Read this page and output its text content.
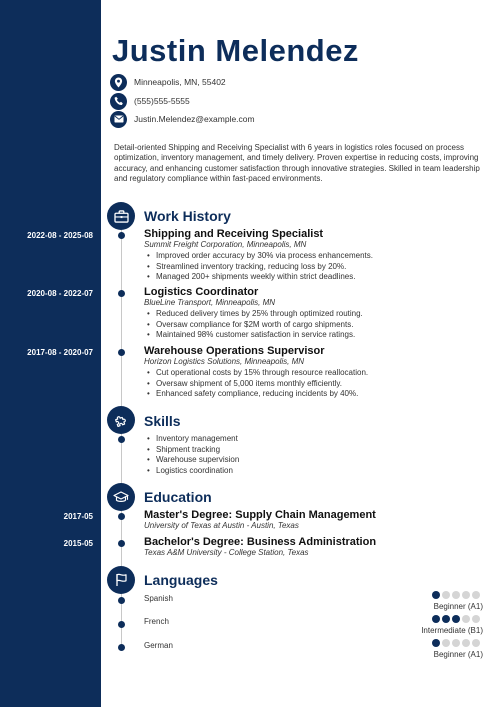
Justin Melendez
Minneapolis, MN, 55402
(555)555-5555
Justin.Melendez@example.com
Detail-oriented Shipping and Receiving Specialist with 6 years in logistics roles focused on process optimization, inventory management, and timely delivery. Proven expertise in reducing costs, improving accuracy, and enhancing customer satisfaction through innovative strategies. Skilled in team leadership and regulatory compliance within fast-paced environments.
Work History
2022-08 - 2025-08	Shipping and Receiving Specialist
Summit Freight Corporation, Minneapolis, MN
• Improved order accuracy by 30% via process enhancements.
• Streamlined inventory tracking, reducing loss by 20%.
• Managed 200+ shipments weekly within strict deadlines.
2020-08 - 2022-07	Logistics Coordinator
BlueLine Transport, Minneapolis, MN
• Reduced delivery times by 25% through optimized routing.
• Oversaw compliance for $2M worth of cargo shipments.
• Maintained 98% customer satisfaction in service ratings.
2017-08 - 2020-07	Warehouse Operations Supervisor
Horizon Logistics Solutions, Minneapolis, MN
• Cut operational costs by 15% through resource reallocation.
• Oversaw shipment of 5,000 items monthly efficiently.
• Enhanced safety compliance, reducing incidents by 40%.
Skills
• Inventory management
• Shipment tracking
• Warehouse supervision
• Logistics coordination
Education
2017-05	Master's Degree: Supply Chain Management
University of Texas at Austin - Austin, Texas
2015-05	Bachelor's Degree: Business Administration
Texas A&M University - College Station, Texas
Languages
Spanish
Beginner (A1)
French
Intermediate (B1)
German
Beginner (A1)
